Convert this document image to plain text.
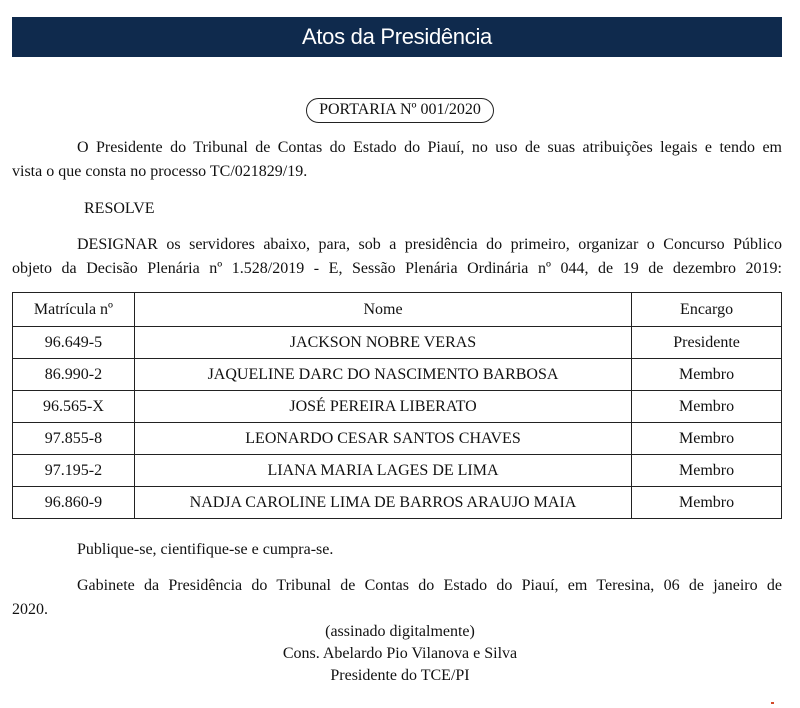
Atos da Presidência
PORTARIA Nº 001/2020
O Presidente do Tribunal de Contas do Estado do Piauí, no uso de suas atribuições legais e tendo em
vista o que consta no processo TC/021829/19.
RESOLVE
DESIGNAR os servidores abaixo, para, sob a presidência do primeiro, organizar o Concurso Público
objeto da Decisão Plenária nº 1.528/2019 - E, Sessão Plenária Ordinária nº 044, de 19 de dezembro 2019:
Matrícula nº	Nome	Encargo
96.649-5	JACKSON NOBRE VERAS	Presidente
86.990-2	JAQUELINE DARC DO NASCIMENTO BARBOSA	Membro
96.565-X	JOSÉ PEREIRA LIBERATO	Membro
97.855-8	LEONARDO CESAR SANTOS CHAVES	Membro
97.195-2	LIANA MARIA LAGES DE LIMA	Membro
96.860-9	NADJA CAROLINE LIMA DE BARROS ARAUJO MAIA	Membro
Publique-se, cientifique-se e cumpra-se.
Gabinete da Presidência do Tribunal de Contas do Estado do Piauí, em Teresina, 06 de janeiro de
2020.
(assinado digitalmente)
Cons. Abelardo Pio Vilanova e Silva
Presidente do TCE/PI
